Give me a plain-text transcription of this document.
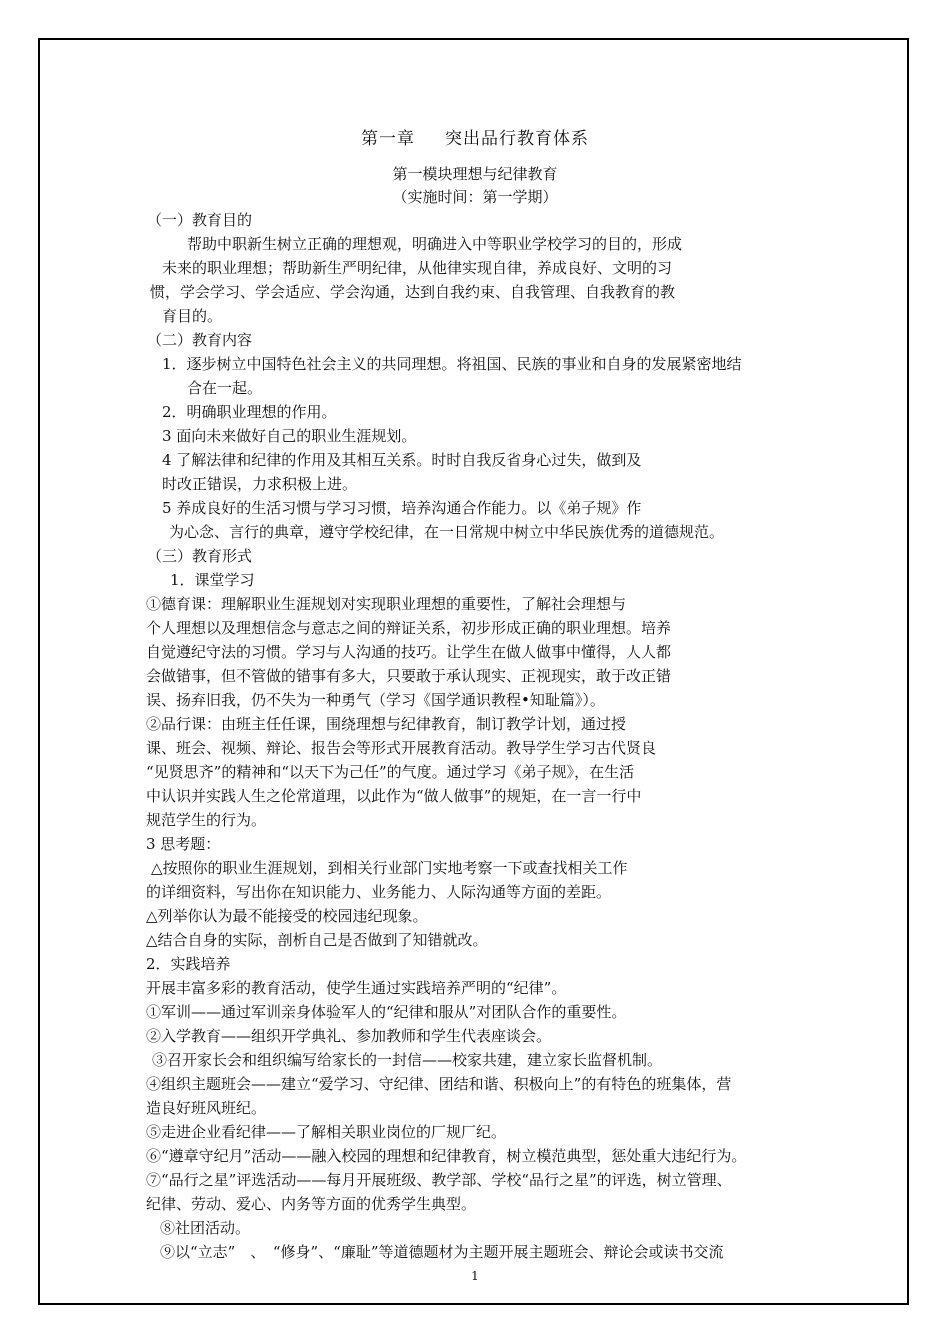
第一章 突出品行教育体系
第一模块理想与纪律教育
（实施时间：第一学期）
（一）教育目的
帮助中职新生树立正确的理想观，明确进入中等职业学校学习的目的，形成
未来的职业理想；帮助新生严明纪律，从他律实现自律，养成良好、文明的习
惯，学会学习、学会适应、学会沟通，达到自我约束、自我管理、自我教育的教
育目的。
（二）教育内容
1．逐步树立中国特色社会主义的共同理想。将祖国、民族的事业和自身的发展紧密地结
合在一起。
2．明确职业理想的作用。
3 面向未来做好自己的职业生涯规划。
4 了解法律和纪律的作用及其相互关系。时时自我反省身心过失，做到及
时改正错误，力求积极上进。
5 养成良好的生活习惯与学习习惯，培养沟通合作能力。以《弟子规》作
为心念、言行的典章，遵守学校纪律，在一日常规中树立中华民族优秀的道德规范。
（三）教育形式
1．课堂学习
①德育课：理解职业生涯规划对实现职业理想的重要性，了解社会理想与
个人理想以及理想信念与意志之间的辩证关系，初步形成正确的职业理想。培养
自觉遵纪守法的习惯。学习与人沟通的技巧。让学生在做人做事中懂得，人人都
会做错事，但不管做的错事有多大，只要敢于承认现实、正视现实，敢于改正错
误、扬弃旧我，仍不失为一种勇气（学习《国学通识教程•知耻篇》）。
②品行课：由班主任任课，围绕理想与纪律教育，制订教学计划，通过授
课、班会、视频、辩论、报告会等形式开展教育活动。教导学生学习古代贤良
“见贤思齐”的精神和“以天下为己任”的气度。通过学习《弟子规》，在生活
中认识并实践人生之伦常道理，以此作为“做人做事”的规矩，在一言一行中
规范学生的行为。
3 思考题：
△按照你的职业生涯规划，到相关行业部门实地考察一下或查找相关工作
的详细资料，写出你在知识能力、业务能力、人际沟通等方面的差距。
△列举你认为最不能接受的校园违纪现象。
△结合自身的实际，剖析自己是否做到了知错就改。
2．实践培养
开展丰富多彩的教育活动，使学生通过实践培养严明的“纪律”。
①军训——通过军训亲身体验军人的“纪律和服从”对团队合作的重要性。
②入学教育——组织开学典礼、参加教师和学生代表座谈会。
③召开家长会和组织编写给家长的一封信——校家共建，建立家长监督机制。
④组织主题班会——建立“爱学习、守纪律、团结和谐、积极向上”的有特色的班集体，营
造良好班风班纪。
⑤走进企业看纪律——了解相关职业岗位的厂规厂纪。
⑥“遵章守纪月”活动——融入校园的理想和纪律教育，树立模范典型，惩处重大违纪行为。
⑦“品行之星”评选活动——每月开展班级、教学部、学校“品行之星”的评选，树立管理、
纪律、劳动、爱心、内务等方面的优秀学生典型。
⑧社团活动。
⑨以“立志”　、　“修身”、“廉耻”等道德题材为主题开展主题班会、辩论会或读书交流
1
